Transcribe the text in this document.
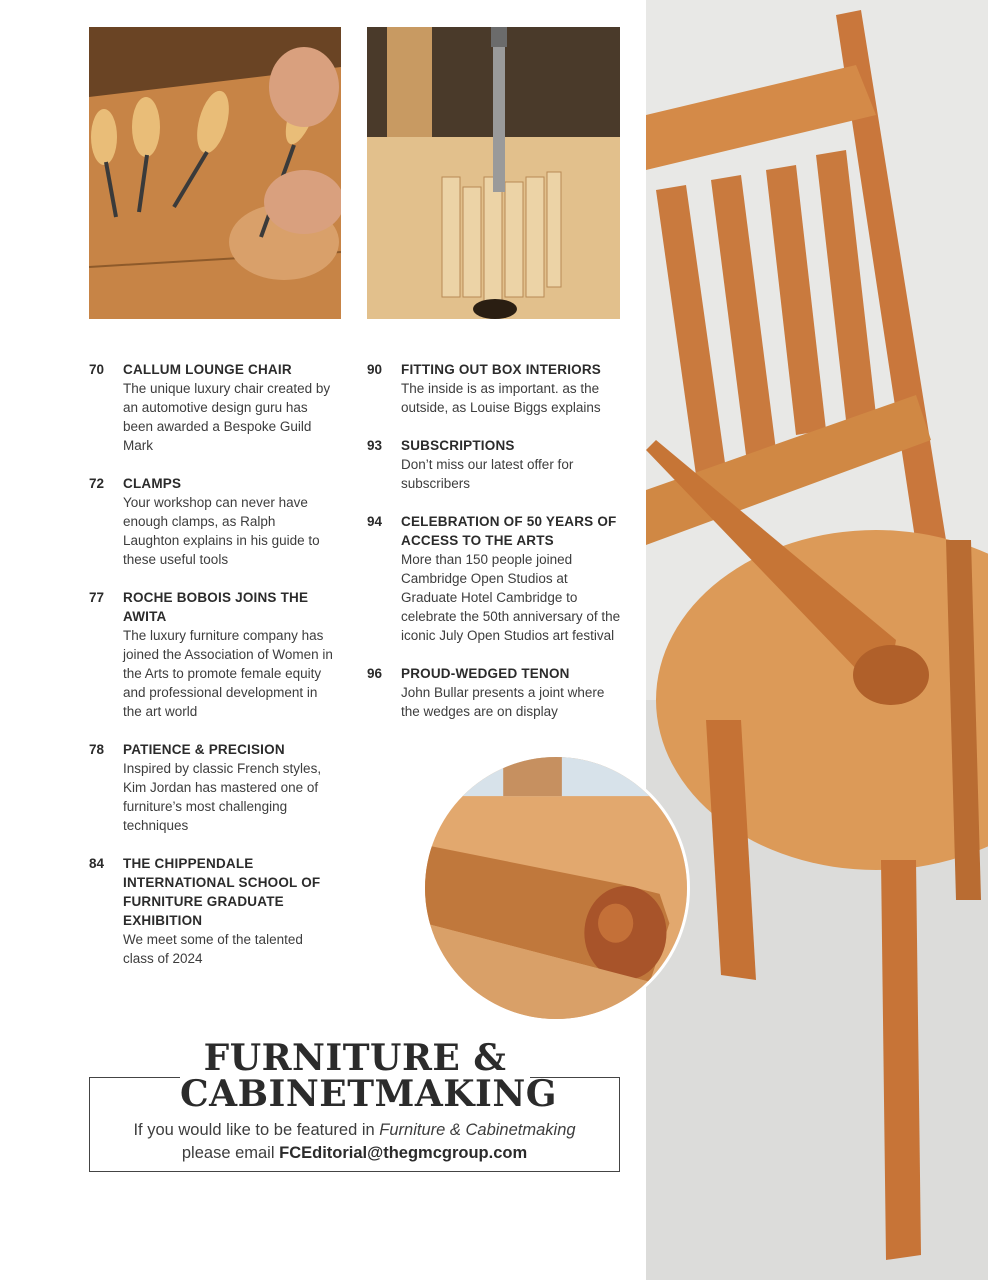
70 CALLUM LOUNGE CHAIR
The unique luxury chair created by an automotive design guru has been awarded a Bespoke Guild Mark
72 CLAMPS
Your workshop can never have enough clamps, as Ralph Laughton explains in his guide to these useful tools
77 ROCHE BOBOIS JOINS THE AWITA
The luxury furniture company has joined the Association of Women in the Arts to promote female equity and professional development in the art world
78 PATIENCE & PRECISION
Inspired by classic French styles, Kim Jordan has mastered one of furniture’s most challenging techniques
84 THE CHIPPENDALE INTERNATIONAL SCHOOL OF FURNITURE GRADUATE EXHIBITION
We meet some of the talented class of 2024
90 FITTING OUT BOX INTERIORS
The inside is as important. as the outside, as Louise Biggs explains
93 SUBSCRIPTIONS
Don’t miss our latest offer for subscribers
94 CELEBRATION OF 50 YEARS OF ACCESS TO THE ARTS
More than 150 people joined Cambridge Open Studios at Graduate Hotel Cambridge to celebrate the 50th anniversary of the iconic July Open Studios art festival
96 PROUD-WEDGED TENON
John Bullar presents a joint where the wedges are on display
FURNITURE &
CABINETMAKING
If you would like to be featured in Furniture & Cabinetmaking
please email FCEditorial@thegmcgroup.com
